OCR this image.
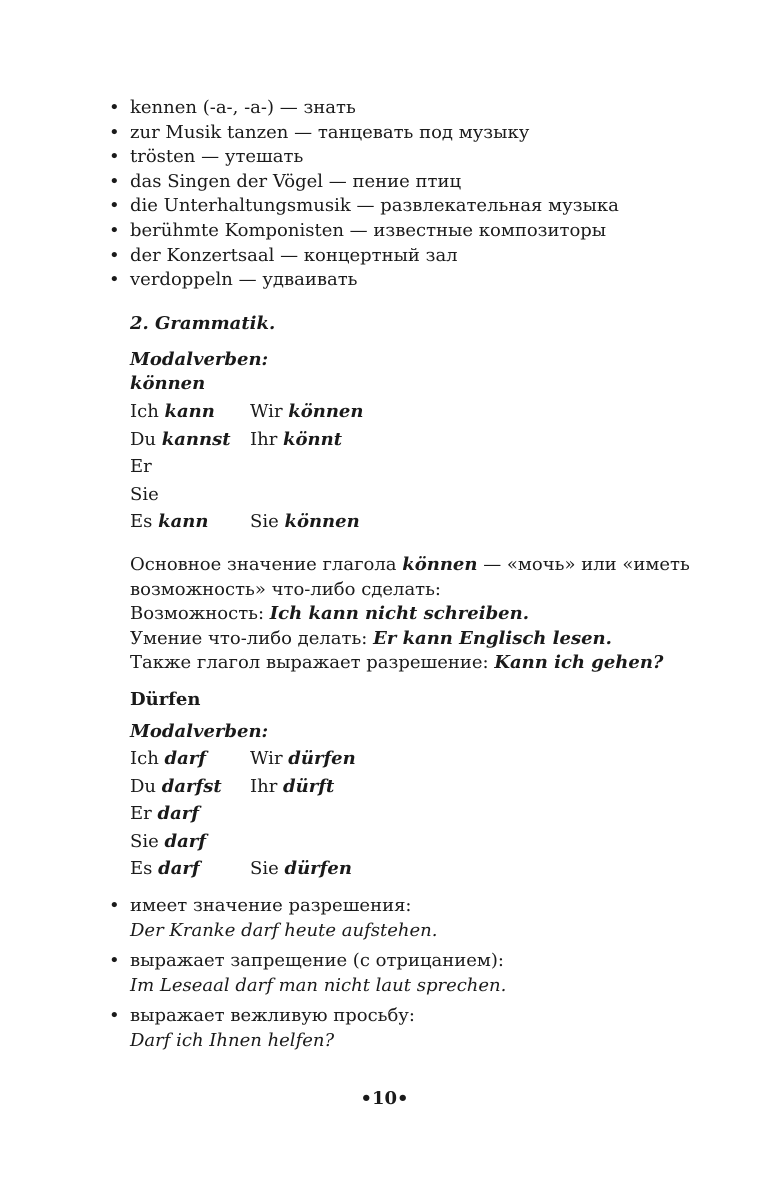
• kennen (-a-, -a-) — знать
• zur Musik tanzen — танцевать под музыку
• trösten — утешать
• das Singen der Vögel — пение птиц
• die Unterhaltungsmusik — развлекательная музыка
• berühmte Komponisten — известные композиторы
• der Konzertsaal — концертный зал
• verdoppeln — удваивать
2. Grammatik.
Modalverben:
können
Ich kann Wir können
Du kannst Ihr könnt
Er
Sie
Es kann Sie können
Основное значение глагола können — «мочь» или «иметь возможность» что-либо сделать:
Возможность: Ich kann nicht schreiben.
Умение что-либо делать: Er kann Englisch lesen.
Также глагол выражает разрешение: Kann ich gehen?
Dürfen
Modalverben:
Ich darf Wir dürfen
Du darfst Ihr dürft
Er darf
Sie darf
Es darf	Sie dürfen
• имеет значение разрешения:
Der Kranke darf heute aufstehen.
• выражает запрещение (с отрицанием):
Im Leseaal darf man nicht laut sprechen.
• выражает вежливую просьбу:
Darf ich Ihnen helfen?
•10•
